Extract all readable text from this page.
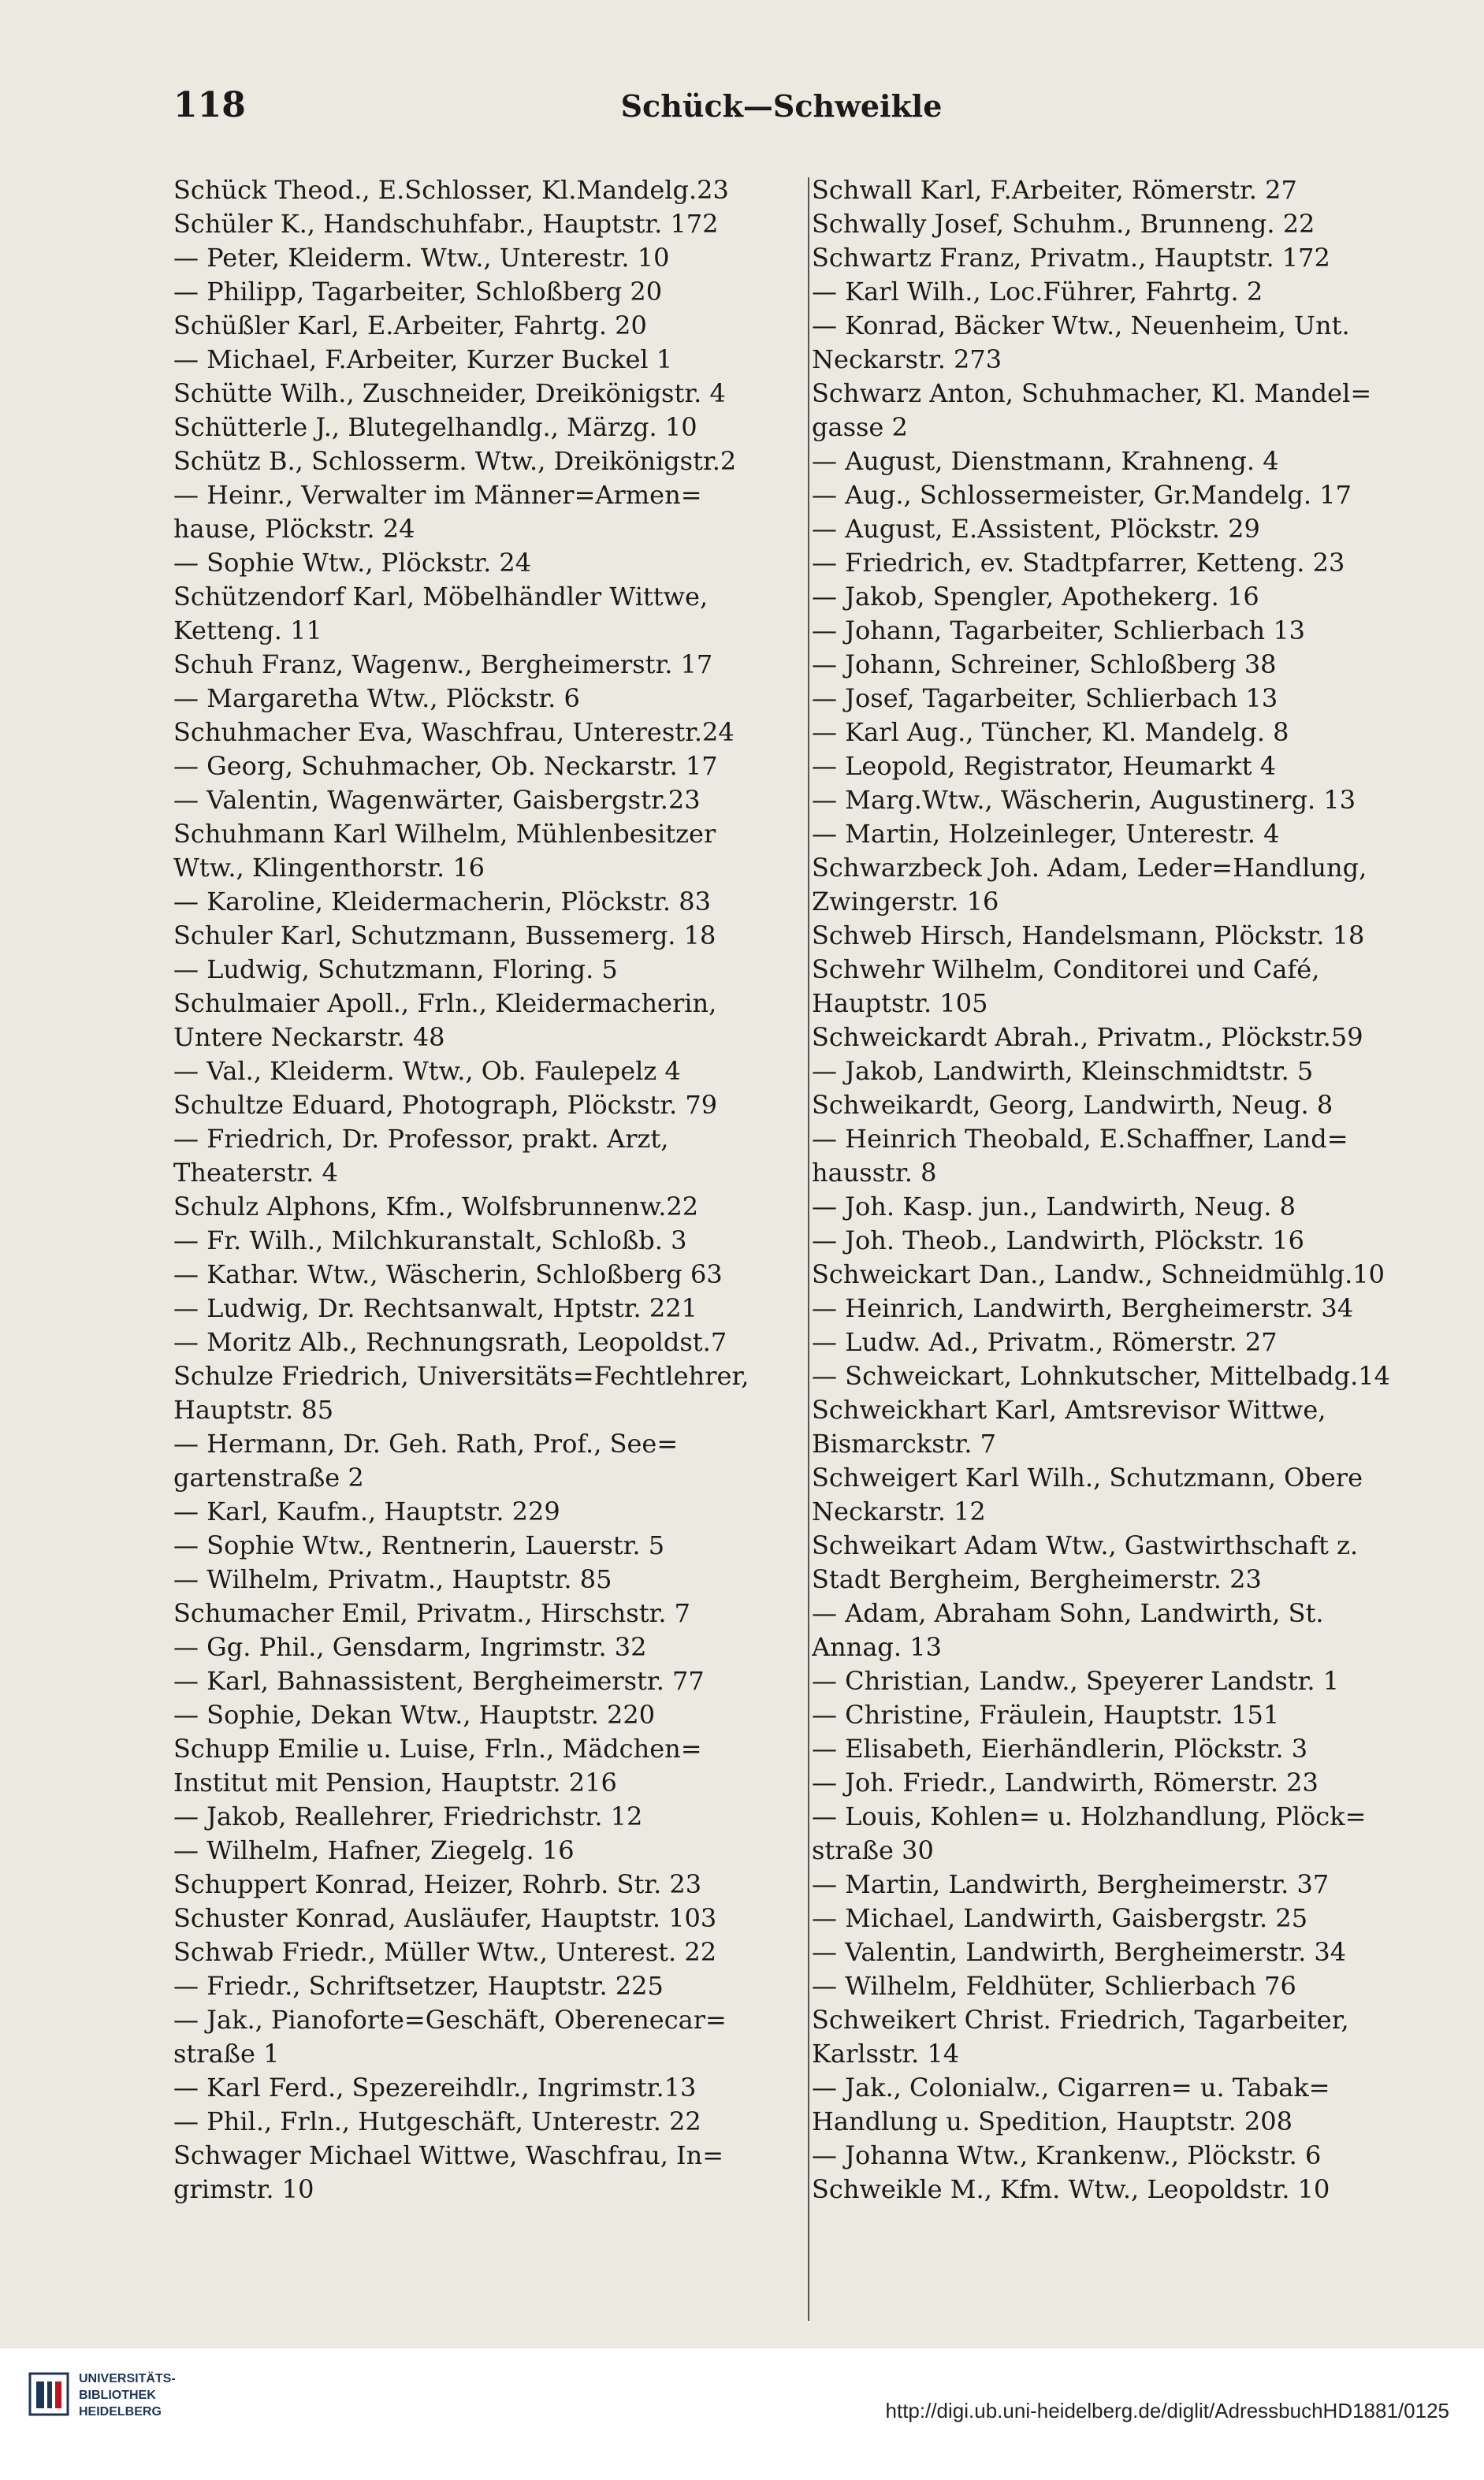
118	Schück—Schweikle
Schück Theod., E.Schlosser, Kl.Mandelg.23
Schüler K., Handschuhfabr., Hauptstr. 172
— Peter, Kleiderm. Wtw., Unterestr. 10
— Philipp, Tagarbeiter, Schloßberg 20
Schüßler Karl, E.Arbeiter, Fahrtg. 20
— Michael, F.Arbeiter, Kurzer Buckel 1
Schütte Wilh., Zuschneider, Dreikönigstr. 4
Schütterle J., Blutegelhandlg., Märzg. 10
Schütz B., Schlosserm. Wtw., Dreikönigstr.2
— Heinr., Verwalter im Männer=Armen=
hause, Plöckstr. 24
— Sophie Wtw., Plöckstr. 24
Schützendorf Karl, Möbelhändler Wittwe,
Ketteng. 11
Schuh Franz, Wagenw., Bergheimerstr. 17
— Margaretha Wtw., Plöckstr. 6
Schuhmacher Eva, Waschfrau, Unterestr.24
— Georg, Schuhmacher, Ob. Neckarstr. 17
— Valentin, Wagenwärter, Gaisbergstr.23
Schuhmann Karl Wilhelm, Mühlenbesitzer
Wtw., Klingenthorstr. 16
— Karoline, Kleidermacherin, Plöckstr. 83
Schuler Karl, Schutzmann, Bussemerg. 18
— Ludwig, Schutzmann, Floring. 5
Schulmaier Apoll., Frln., Kleidermacherin,
Untere Neckarstr. 48
— Val., Kleiderm. Wtw., Ob. Faulepelz 4
Schultze Eduard, Photograph, Plöckstr. 79
— Friedrich, Dr. Professor, prakt. Arzt,
Theaterstr. 4
Schulz Alphons, Kfm., Wolfsbrunnenw.22
— Fr. Wilh., Milchkuranstalt, Schloßb. 3
— Kathar. Wtw., Wäscherin, Schloßberg 63
— Ludwig, Dr. Rechtsanwalt, Hptstr. 221
— Moritz Alb., Rechnungsrath, Leopoldst.7
Schulze Friedrich, Universitäts=Fechtlehrer,
Hauptstr. 85
— Hermann, Dr. Geh. Rath, Prof., See=
gartenstraße 2
— Karl, Kaufm., Hauptstr. 229
— Sophie Wtw., Rentnerin, Lauerstr. 5
— Wilhelm, Privatm., Hauptstr. 85
Schumacher Emil, Privatm., Hirschstr. 7
— Gg. Phil., Gensdarm, Ingrimstr. 32
— Karl, Bahnassistent, Bergheimerstr. 77
— Sophie, Dekan Wtw., Hauptstr. 220
Schupp Emilie u. Luise, Frln., Mädchen=
Institut mit Pension, Hauptstr. 216
— Jakob, Reallehrer, Friedrichstr. 12
— Wilhelm, Hafner, Ziegelg. 16
Schuppert Konrad, Heizer, Rohrb. Str. 23
Schuster Konrad, Ausläufer, Hauptstr. 103
Schwab Friedr., Müller Wtw., Unterest. 22
— Friedr., Schriftsetzer, Hauptstr. 225
— Jak., Pianoforte=Geschäft, Oberenecar=
straße 1
— Karl Ferd., Spezereihdlr., Ingrimstr.13
— Phil., Frln., Hutgeschäft, Unterestr. 22
Schwager Michael Wittwe, Waschfrau, In=
grimstr. 10
Schwall Karl, F.Arbeiter, Römerstr. 27
Schwally Josef, Schuhm., Brunneng. 22
Schwartz Franz, Privatm., Hauptstr. 172
— Karl Wilh., Loc.Führer, Fahrtg. 2
— Konrad, Bäcker Wtw., Neuenheim, Unt.
Neckarstr. 273
Schwarz Anton, Schuhmacher, Kl. Mandel=
gasse 2
— August, Dienstmann, Krahneng. 4
— Aug., Schlossermeister, Gr.Mandelg. 17
— August, E.Assistent, Plöckstr. 29
— Friedrich, ev. Stadtpfarrer, Ketteng. 23
— Jakob, Spengler, Apothekerg. 16
— Johann, Tagarbeiter, Schlierbach 13
— Johann, Schreiner, Schloßberg 38
— Josef, Tagarbeiter, Schlierbach 13
— Karl Aug., Tüncher, Kl. Mandelg. 8
— Leopold, Registrator, Heumarkt 4
— Marg.Wtw., Wäscherin, Augustinerg. 13
— Martin, Holzeinleger, Unterestr. 4
Schwarzbeck Joh. Adam, Leder=Handlung,
Zwingerstr. 16
Schweb Hirsch, Handelsmann, Plöckstr. 18
Schwehr Wilhelm, Conditorei und Café,
Hauptstr. 105
Schweickardt Abrah., Privatm., Plöckstr.59
— Jakob, Landwirth, Kleinschmidtstr. 5
Schweikardt, Georg, Landwirth, Neug. 8
— Heinrich Theobald, E.Schaffner, Land=
hausstr. 8
— Joh. Kasp. jun., Landwirth, Neug. 8
— Joh. Theob., Landwirth, Plöckstr. 16
Schweickart Dan., Landw., Schneidmühlg.10
— Heinrich, Landwirth, Bergheimerstr. 34
— Ludw. Ad., Privatm., Römerstr. 27
— Schweickart, Lohnkutscher, Mittelbadg.14
Schweickhart Karl, Amtsrevisor Wittwe,
Bismarckstr. 7
Schweigert Karl Wilh., Schutzmann, Obere
Neckarstr. 12
Schweikart Adam Wtw., Gastwirthschaft z.
Stadt Bergheim, Bergheimerstr. 23
— Adam, Abraham Sohn, Landwirth, St.
Annag. 13
— Christian, Landw., Speyerer Landstr. 1
— Christine, Fräulein, Hauptstr. 151
— Elisabeth, Eierhändlerin, Plöckstr. 3
— Joh. Friedr., Landwirth, Römerstr. 23
— Louis, Kohlen= u. Holzhandlung, Plöck=
straße 30
— Martin, Landwirth, Bergheimerstr. 37
— Michael, Landwirth, Gaisbergstr. 25
— Valentin, Landwirth, Bergheimerstr. 34
— Wilhelm, Feldhüter, Schlierbach 76
Schweikert Christ. Friedrich, Tagarbeiter,
Karlsstr. 14
— Jak., Colonialw., Cigarren= u. Tabak=
Handlung u. Spedition, Hauptstr. 208
— Johanna Wtw., Krankenw., Plöckstr. 6
Schweikle M., Kfm. Wtw., Leopoldstr. 10
UNIVERSITÄTS-
BIBLIOTHEK
HEIDELBERG	http://digi.ub.uni-heidelberg.de/diglit/AdressbuchHD1881/0125
